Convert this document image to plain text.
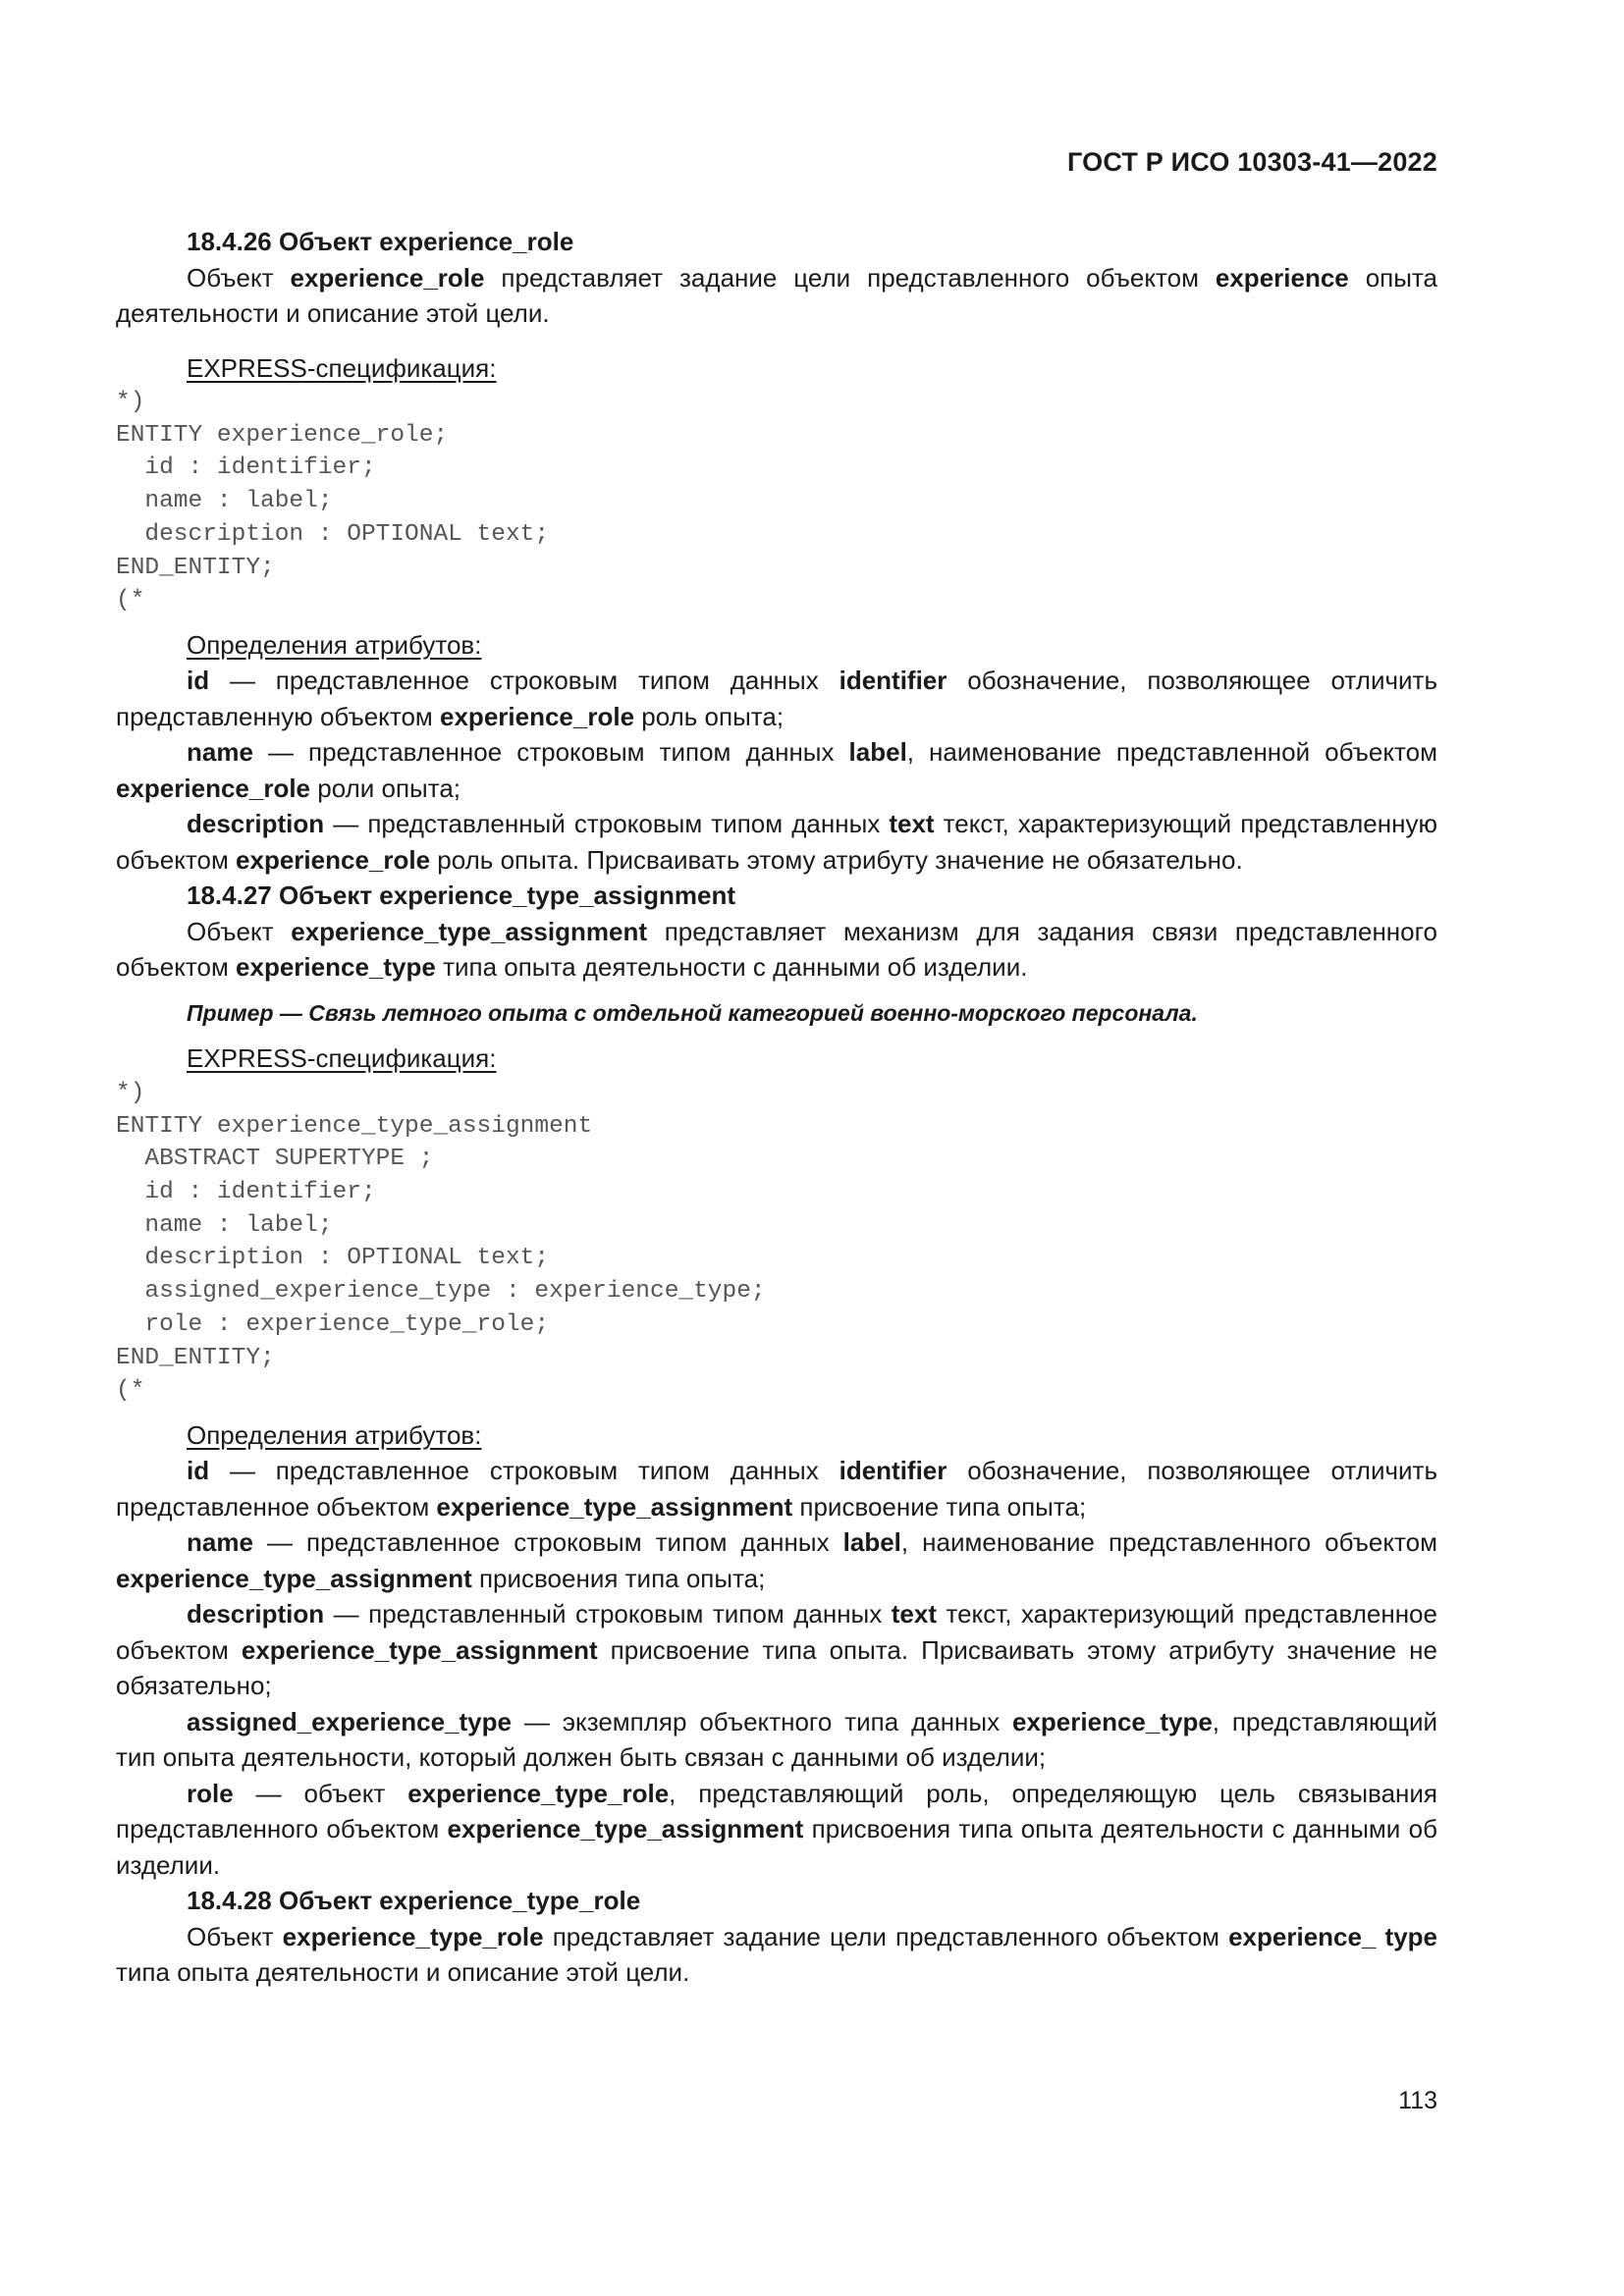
ГОСТ Р ИСО 10303-41—2022

18.4.26 Объект experience_role

Объект experience_role представляет задание цели представленного объектом experience опыта деятельности и описание этой цели.

EXPRESS-спецификация:

*)
ENTITY experience_role;
id : identifier;
name : label;
description : OPTIONAL text;
END_ENTITY;
(*

Определения атрибутов:

id — представленное строковым типом данных identifier обозначение, позволяющее отличить представленную объектом experience_role роль опыта;

name — представленное строковым типом данных label, наименование представленной объектом experience_role роли опыта;

description — представленный строковым типом данных text текст, характеризующий представленную объектом experience_role роль опыта. Присваивать этому атрибуту значение не обязательно.

18.4.27 Объект experience_type_assignment

Объект experience_type_assignment представляет механизм для задания связи представленного объектом experience_type типа опыта деятельности с данными об изделии.

Пример — Связь летного опыта с отдельной категорией военно-морского персонала.

EXPRESS-спецификация:

*)
ENTITY experience_type_assignment
ABSTRACT SUPERTYPE ;
id : identifier;
name : label;
description : OPTIONAL text;
assigned_experience_type : experience_type;
role : experience_type_role;
END_ENTITY;
(*

Определения атрибутов:

id — представленное строковым типом данных identifier обозначение, позволяющее отличить представленное объектом experience_type_assignment присвоение типа опыта;

name — представленное строковым типом данных label, наименование представленного объектом experience_type_assignment присвоения типа опыта;

description — представленный строковым типом данных text текст, характеризующий представленное объектом experience_type_assignment присвоение типа опыта. Присваивать этому атрибуту значение не обязательно;

assigned_experience_type — экземпляр объектного типа данных experience_type, представляющий тип опыта деятельности, который должен быть связан с данными об изделии;

role — объект experience_type_role, представляющий роль, определяющую цель связывания представленного объектом experience_type_assignment присвоения типа опыта деятельности с данными об изделии.

18.4.28 Объект experience_type_role

Объект experience_type_role представляет задание цели представленного объектом experience_ type типа опыта деятельности и описание этой цели.

113
